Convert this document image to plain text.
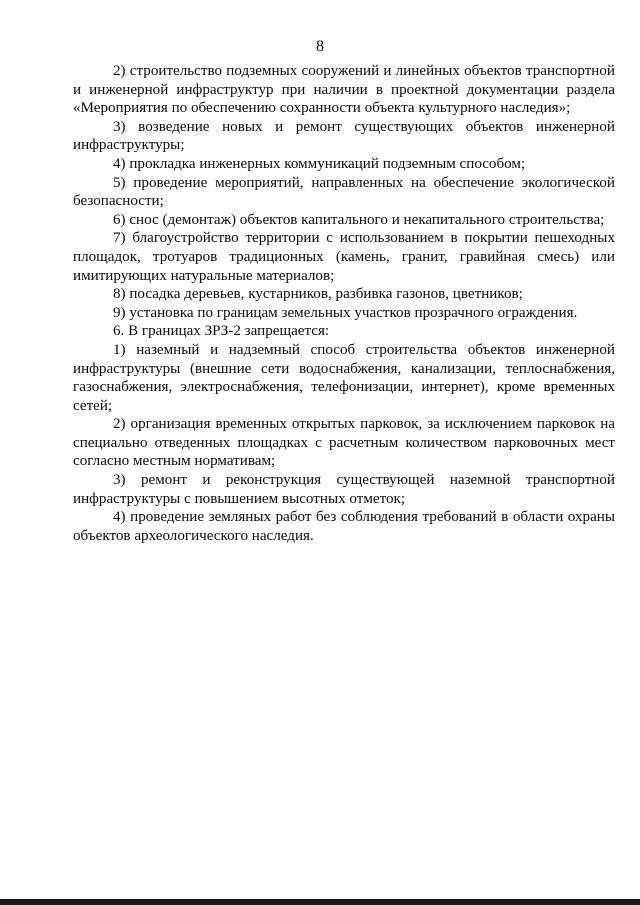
8

2) строительство подземных сооружений и линейных объектов транспортной и инженерной инфраструктур при наличии в проектной документации раздела «Мероприятия по обеспечению сохранности объекта культурного наследия»;

3) возведение новых и ремонт существующих объектов инженерной инфраструктуры;

4) прокладка инженерных коммуникаций подземным способом;

5) проведение мероприятий, направленных на обеспечение экологической безопасности;

6) снос (демонтаж) объектов капитального и некапитального строительства;

7) благоустройство территории с использованием в покрытии пешеходных площадок, тротуаров традиционных (камень, гранит, гравийная смесь) или имитирующих натуральные материалов;

8) посадка деревьев, кустарников, разбивка газонов, цветников;

9) установка по границам земельных участков прозрачного ограждения.

6. В границах ЗРЗ-2 запрещается:

1) наземный и надземный способ строительства объектов инженерной инфраструктуры (внешние сети водоснабжения, канализации, теплоснабжения, газоснабжения, электроснабжения, телефонизации, интернет), кроме временных сетей;

2) организация временных открытых парковок, за исключением парковок на специально отведенных площадках с расчетным количеством парковочных мест согласно местным нормативам;

3) ремонт и реконструкция существующей наземной транспортной инфраструктуры с повышением высотных отметок;

4) проведение земляных работ без соблюдения требований в области охраны объектов археологического наследия.
